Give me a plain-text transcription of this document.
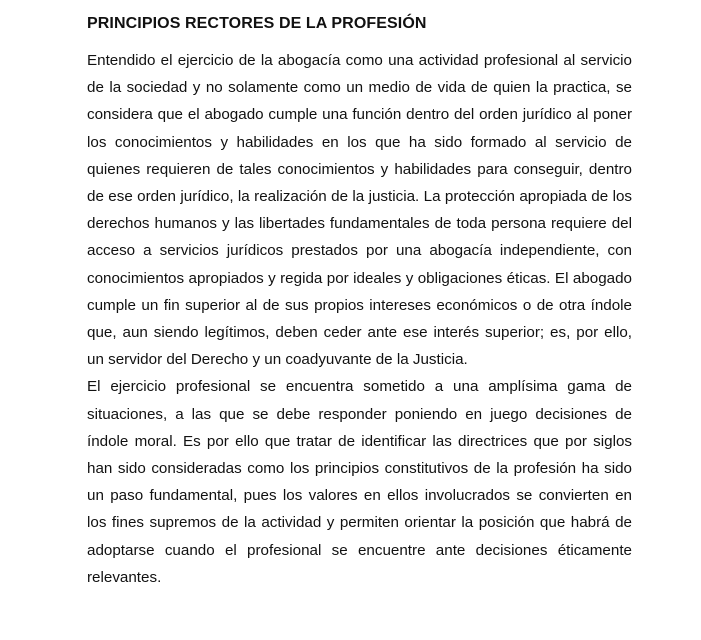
PRINCIPIOS RECTORES DE LA PROFESIÓN

Entendido el ejercicio de la abogacía como una actividad profesional al servicio de la sociedad y no solamente como un medio de vida de quien la practica, se considera que el abogado cumple una función dentro del orden jurídico al poner los conocimientos y habilidades en los que ha sido formado al servicio de quienes requieren de tales conocimientos y habilidades para conseguir, dentro de ese orden jurídico, la realización de la justicia. La protección apropiada de los derechos humanos y las libertades fundamentales de toda persona requiere del acceso a servicios jurídicos prestados por una abogacía independiente, con conocimientos apropiados y regida por ideales y obligaciones éticas. El abogado cumple un fin superior al de sus propios intereses económicos o de otra índole que, aun siendo legítimos, deben ceder ante ese interés superior; es, por ello, un servidor del Derecho y un coadyuvante de la Justicia.

El ejercicio profesional se encuentra sometido a una amplísima gama de situaciones, a las que se debe responder poniendo en juego decisiones de índole moral. Es por ello que tratar de identificar las directrices que por siglos han sido consideradas como los principios constitutivos de la profesión ha sido un paso fundamental, pues los valores en ellos involucrados se convierten en los fines supremos de la actividad y permiten orientar la posición que habrá de adoptarse cuando el profesional se encuentre ante decisiones éticamente relevantes.
